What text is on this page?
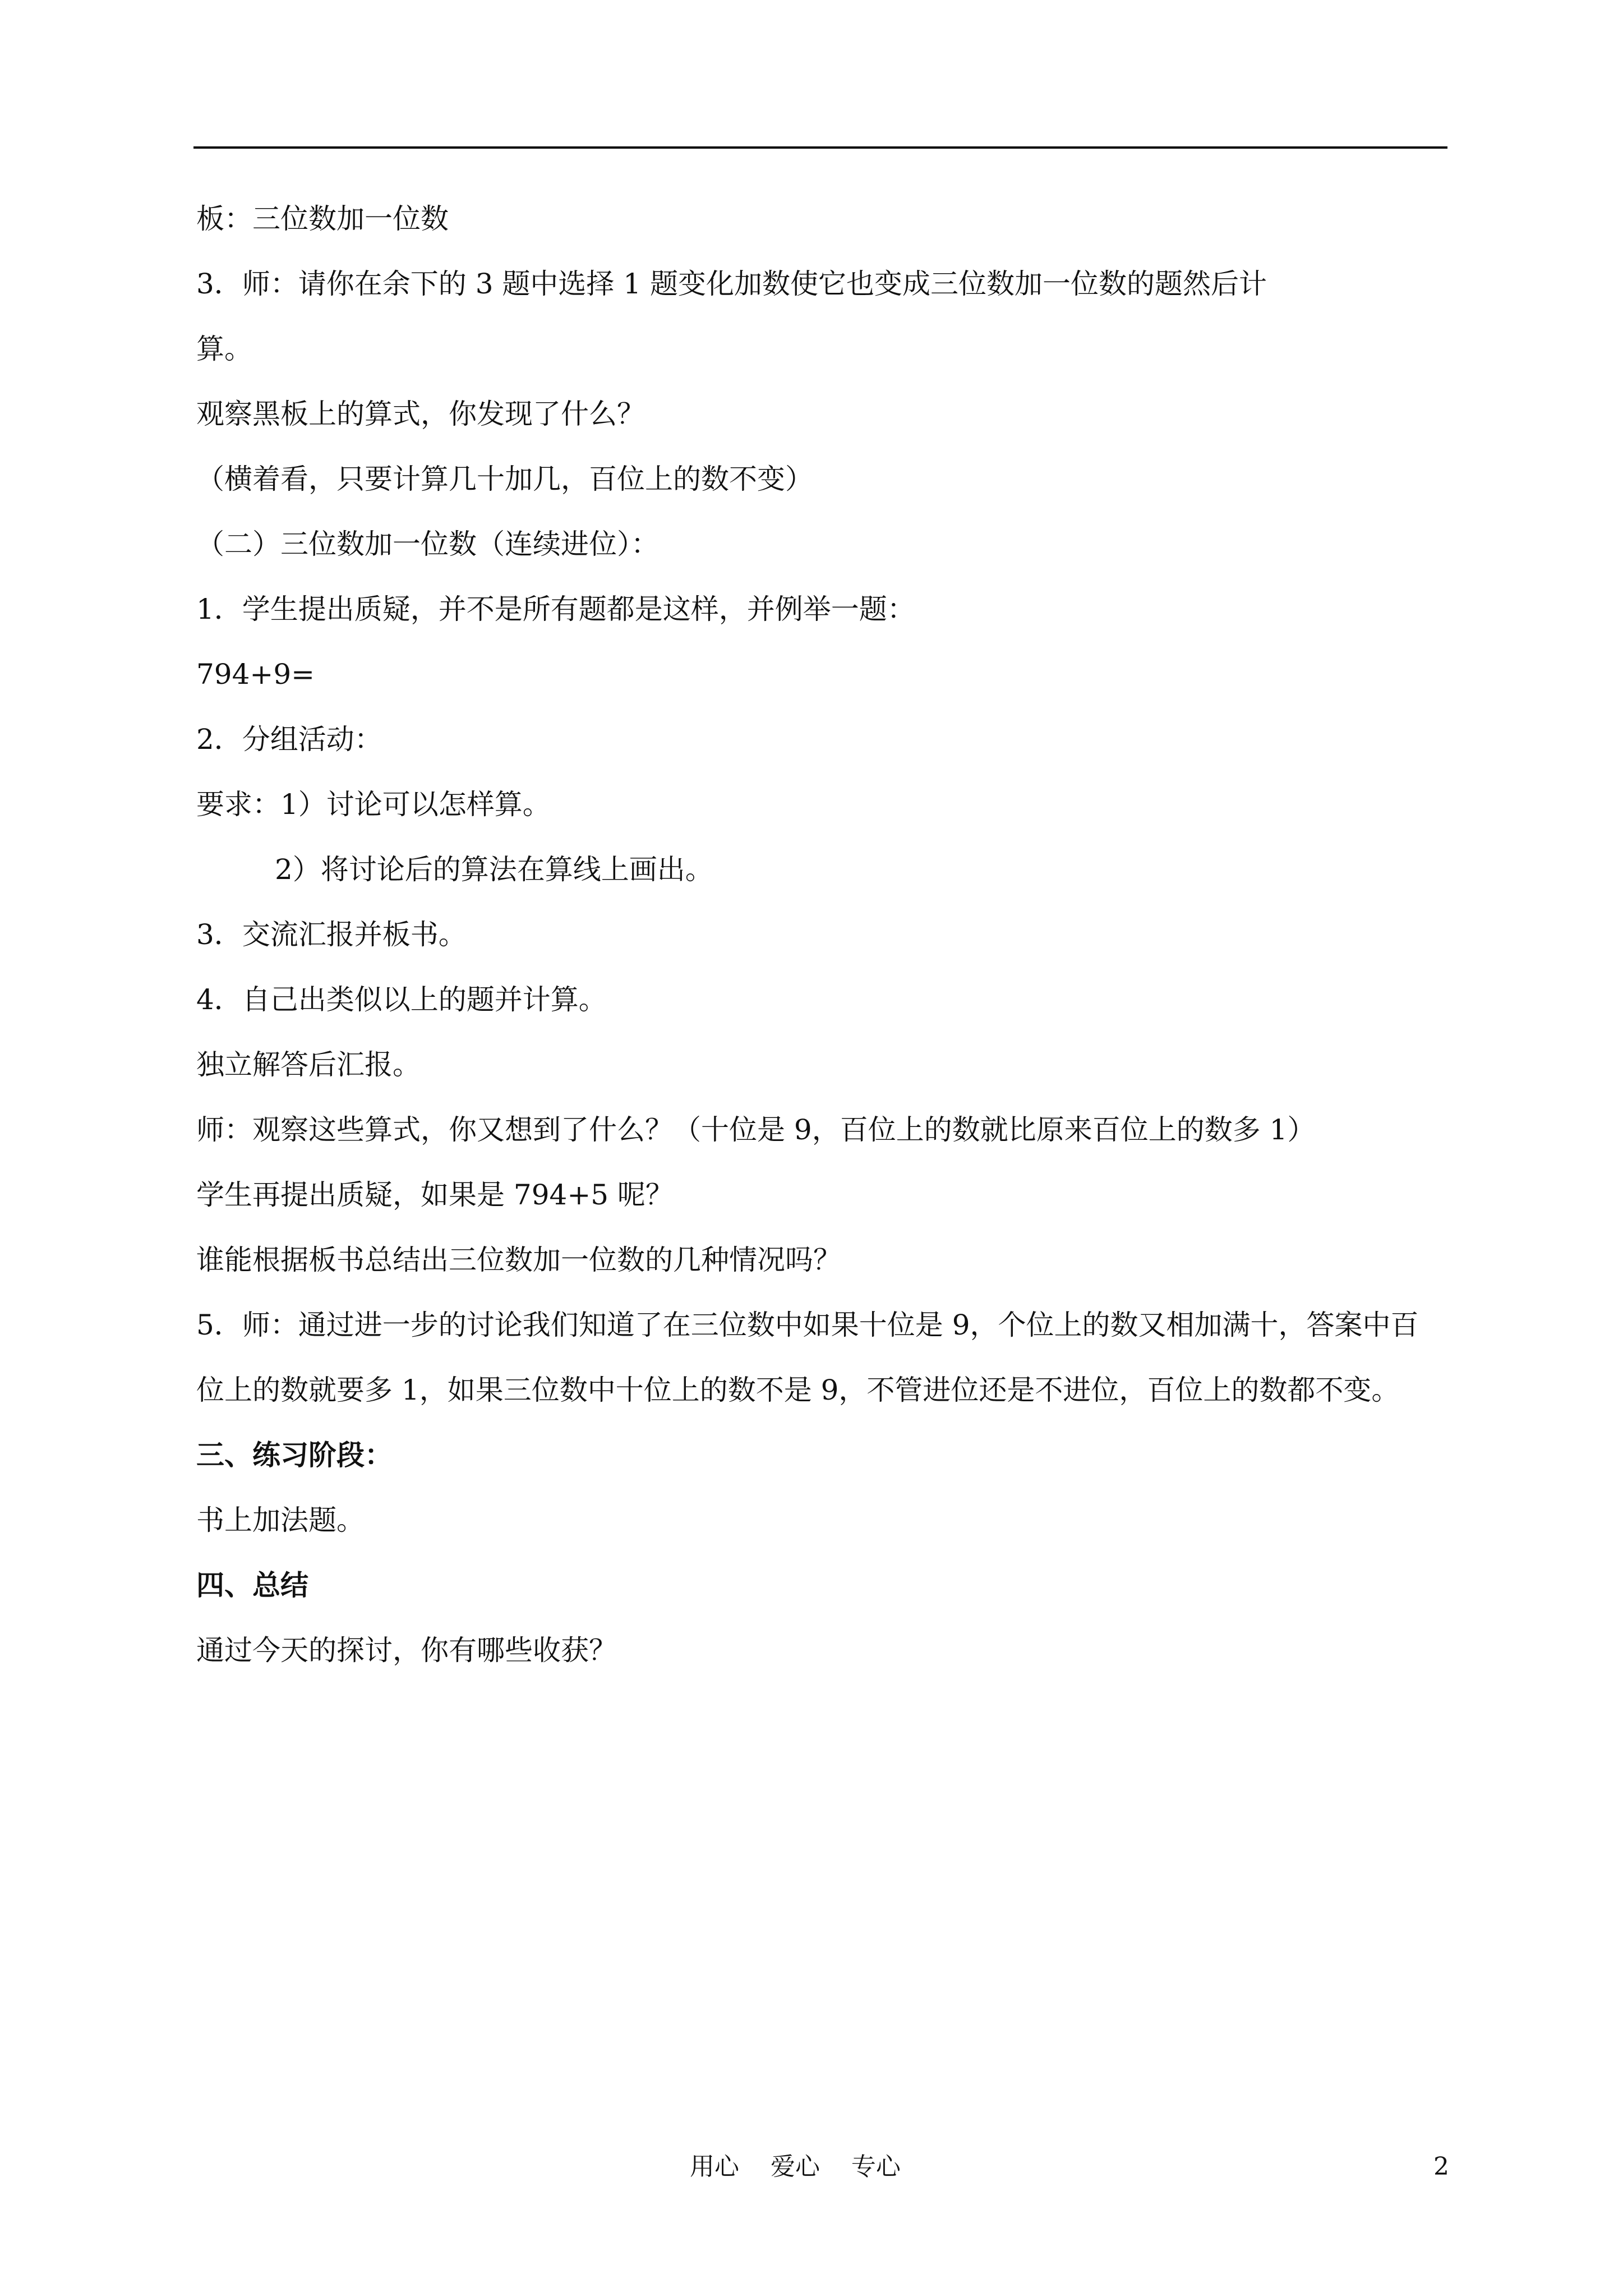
板：三位数加一位数

3．师：请你在余下的 3 题中选择 1 题变化加数使它也变成三位数加一位数的题然后计

算。

观察黑板上的算式，你发现了什么？

（横着看，只要计算几十加几，百位上的数不变）

（二）三位数加一位数（连续进位）：

1．学生提出质疑，并不是所有题都是这样，并例举一题：

794+9=

2．分组活动：

要求：1）讨论可以怎样算。

2）将讨论后的算法在算线上画出。

3．交流汇报并板书。

4．自己出类似以上的题并计算。

独立解答后汇报。

师：观察这些算式，你又想到了什么？（十位是 9，百位上的数就比原来百位上的数多 1）

学生再提出质疑，如果是 794+5 呢？

谁能根据板书总结出三位数加一位数的几种情况吗？

5．师：通过进一步的讨论我们知道了在三位数中如果十位是 9，个位上的数又相加满十，答案中百

位上的数就要多 1，如果三位数中十位上的数不是 9，不管进位还是不进位，百位上的数都不变。

三、练习阶段：

书上加法题。

四、总结

通过今天的探讨，你有哪些收获？

用心    爱心    专心	2
